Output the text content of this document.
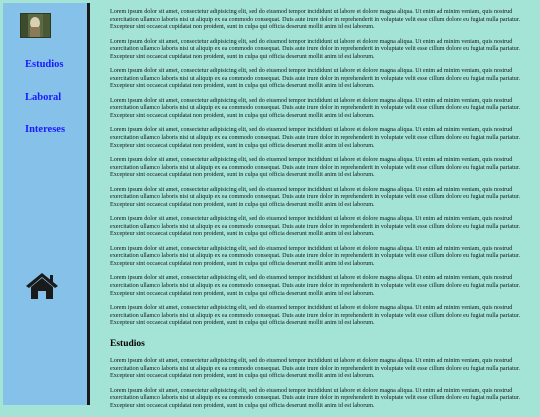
Estudios
Laboral
Intereses

Lorem ipsum dolor sit amet, consectetur adipisicing elit, sed do eiusmod tempor incididunt ut labore et dolore magna aliqua. Ut enim ad minim veniam, quis nostrud exercitation ullamco laboris nisi ut aliquip ex ea commodo consequat. Duis aute irure dolor in reprehenderit in voluptate velit esse cillum dolore eu fugiat nulla pariatur. Excepteur sint occaecat cupidatat non proident, sunt in culpa qui officia deserunt mollit anim id est laborum.

Lorem ipsum dolor sit amet, consectetur adipisicing elit, sed do eiusmod tempor incididunt ut labore et dolore magna aliqua. Ut enim ad minim veniam, quis nostrud exercitation ullamco laboris nisi ut aliquip ex ea commodo consequat. Duis aute irure dolor in reprehenderit in voluptate velit esse cillum dolore eu fugiat nulla pariatur. Excepteur sint occaecat cupidatat non proident, sunt in culpa qui officia deserunt mollit anim id est laborum.

Lorem ipsum dolor sit amet, consectetur adipisicing elit, sed do eiusmod tempor incididunt ut labore et dolore magna aliqua. Ut enim ad minim veniam, quis nostrud exercitation ullamco laboris nisi ut aliquip ex ea commodo consequat. Duis aute irure dolor in reprehenderit in voluptate velit esse cillum dolore eu fugiat nulla pariatur. Excepteur sint occaecat cupidatat non proident, sunt in culpa qui officia deserunt mollit anim id est laborum.

Lorem ipsum dolor sit amet, consectetur adipisicing elit, sed do eiusmod tempor incididunt ut labore et dolore magna aliqua. Ut enim ad minim veniam, quis nostrud exercitation ullamco laboris nisi ut aliquip ex ea commodo consequat. Duis aute irure dolor in reprehenderit in voluptate velit esse cillum dolore eu fugiat nulla pariatur. Excepteur sint occaecat cupidatat non proident, sunt in culpa qui officia deserunt mollit anim id est laborum.

Lorem ipsum dolor sit amet, consectetur adipisicing elit, sed do eiusmod tempor incididunt ut labore et dolore magna aliqua. Ut enim ad minim veniam, quis nostrud exercitation ullamco laboris nisi ut aliquip ex ea commodo consequat. Duis aute irure dolor in reprehenderit in voluptate velit esse cillum dolore eu fugiat nulla pariatur. Excepteur sint occaecat cupidatat non proident, sunt in culpa qui officia deserunt mollit anim id est laborum.

Lorem ipsum dolor sit amet, consectetur adipisicing elit, sed do eiusmod tempor incididunt ut labore et dolore magna aliqua. Ut enim ad minim veniam, quis nostrud exercitation ullamco laboris nisi ut aliquip ex ea commodo consequat. Duis aute irure dolor in reprehenderit in voluptate velit esse cillum dolore eu fugiat nulla pariatur. Excepteur sint occaecat cupidatat non proident, sunt in culpa qui officia deserunt mollit anim id est laborum.

Lorem ipsum dolor sit amet, consectetur adipisicing elit, sed do eiusmod tempor incididunt ut labore et dolore magna aliqua. Ut enim ad minim veniam, quis nostrud exercitation ullamco laboris nisi ut aliquip ex ea commodo consequat. Duis aute irure dolor in reprehenderit in voluptate velit esse cillum dolore eu fugiat nulla pariatur. Excepteur sint occaecat cupidatat non proident, sunt in culpa qui officia deserunt mollit anim id est laborum.

Lorem ipsum dolor sit amet, consectetur adipisicing elit, sed do eiusmod tempor incididunt ut labore et dolore magna aliqua. Ut enim ad minim veniam, quis nostrud exercitation ullamco laboris nisi ut aliquip ex ea commodo consequat. Duis aute irure dolor in reprehenderit in voluptate velit esse cillum dolore eu fugiat nulla pariatur. Excepteur sint occaecat cupidatat non proident, sunt in culpa qui officia deserunt mollit anim id est laborum.

Lorem ipsum dolor sit amet, consectetur adipisicing elit, sed do eiusmod tempor incididunt ut labore et dolore magna aliqua. Ut enim ad minim veniam, quis nostrud exercitation ullamco laboris nisi ut aliquip ex ea commodo consequat. Duis aute irure dolor in reprehenderit in voluptate velit esse cillum dolore eu fugiat nulla pariatur. Excepteur sint occaecat cupidatat non proident, sunt in culpa qui officia deserunt mollit anim id est laborum.

Lorem ipsum dolor sit amet, consectetur adipisicing elit, sed do eiusmod tempor incididunt ut labore et dolore magna aliqua. Ut enim ad minim veniam, quis nostrud exercitation ullamco laboris nisi ut aliquip ex ea commodo consequat. Duis aute irure dolor in reprehenderit in voluptate velit esse cillum dolore eu fugiat nulla pariatur. Excepteur sint occaecat cupidatat non proident, sunt in culpa qui officia deserunt mollit anim id est laborum.

Lorem ipsum dolor sit amet, consectetur adipisicing elit, sed do eiusmod tempor incididunt ut labore et dolore magna aliqua. Ut enim ad minim veniam, quis nostrud exercitation ullamco laboris nisi ut aliquip ex ea commodo consequat. Duis aute irure dolor in reprehenderit in voluptate velit esse cillum dolore eu fugiat nulla pariatur. Excepteur sint occaecat cupidatat non proident, sunt in culpa qui officia deserunt mollit anim id est laborum.

Estudios

Lorem ipsum dolor sit amet, consectetur adipisicing elit, sed do eiusmod tempor incididunt ut labore et dolore magna aliqua. Ut enim ad minim veniam, quis nostrud exercitation ullamco laboris nisi ut aliquip ex ea commodo consequat. Duis aute irure dolor in reprehenderit in voluptate velit esse cillum dolore eu fugiat nulla pariatur. Excepteur sint occaecat cupidatat non proident, sunt in culpa qui officia deserunt mollit anim id est laborum.

Lorem ipsum dolor sit amet, consectetur adipisicing elit, sed do eiusmod tempor incididunt ut labore et dolore magna aliqua. Ut enim ad minim veniam, quis nostrud exercitation ullamco laboris nisi ut aliquip ex ea commodo consequat. Duis aute irure dolor in reprehenderit in voluptate velit esse cillum dolore eu fugiat nulla pariatur. Excepteur sint occaecat cupidatat non proident, sunt in culpa qui officia deserunt mollit anim id est laborum.
